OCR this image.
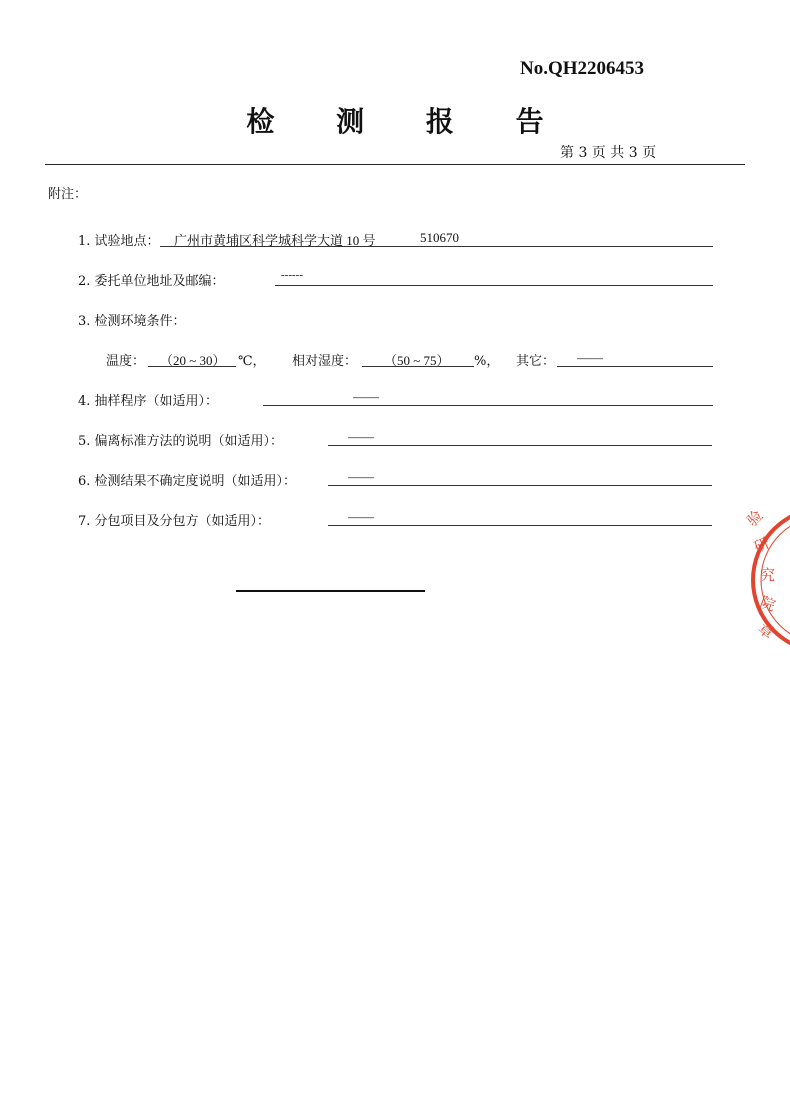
No.QH2206453
检 测 报 告
第 3 页 共 3 页
附注：
1. 试验地点： 广州市黄埔区科学城科学大道 10 号	510670
2. 委托单位地址及邮编：	------
3. 检测环境条件：
温度： （20 ~ 30） ℃， 相对湿度： （50 ~ 75） %， 其它： ——
4. 抽样程序（如适用）：	——
5. 偏离标准方法的说明（如适用）：	——
6. 检测结果不确定度说明（如适用）：	——
7. 分包项目及分包方（如适用）：	——	验
研
究
院
章
